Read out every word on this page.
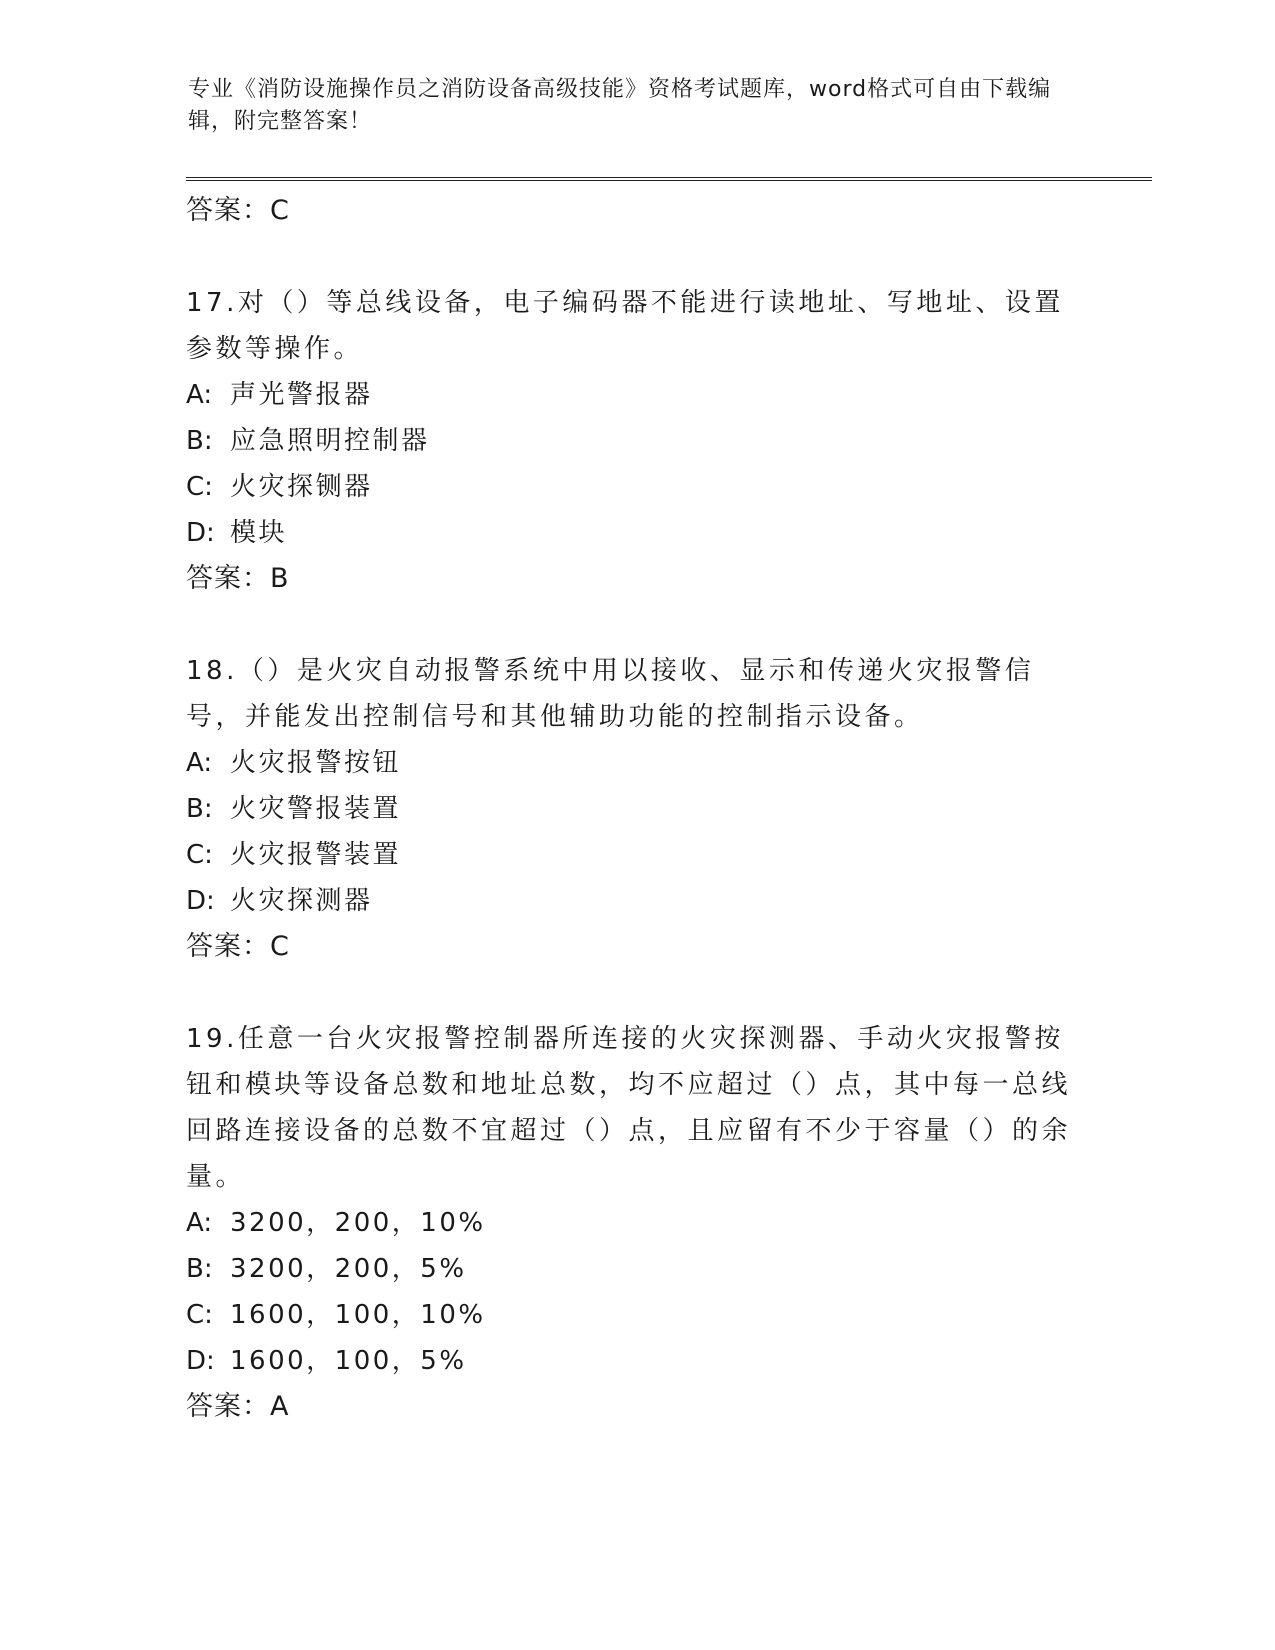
专业《消防设施操作员之消防设备高级技能》资格考试题库，word格式可自由下载编辑，附完整答案！
答案：C
17.对（）等总线设备，电子编码器不能进行读地址、写地址、设置参数等操作。
A: 声光警报器
B: 应急照明控制器
C: 火灾探铡器
D: 模块
答案：B
18.（）是火灾自动报警系统中用以接收、显示和传递火灾报警信号，并能发出控制信号和其他辅助功能的控制指示设备。
A: 火灾报警按钮
B: 火灾警报装置
C: 火灾报警装置
D: 火灾探测器
答案：C
19.任意一台火灾报警控制器所连接的火灾探测器、手动火灾报警按钮和模块等设备总数和地址总数，均不应超过（）点，其中每一总线回路连接设备的总数不宜超过（）点，且应留有不少于容量（）的余量。
A: 3200，200，10%
B: 3200，200，5%
C: 1600，100，10%
D: 1600，100，5%
答案：A
